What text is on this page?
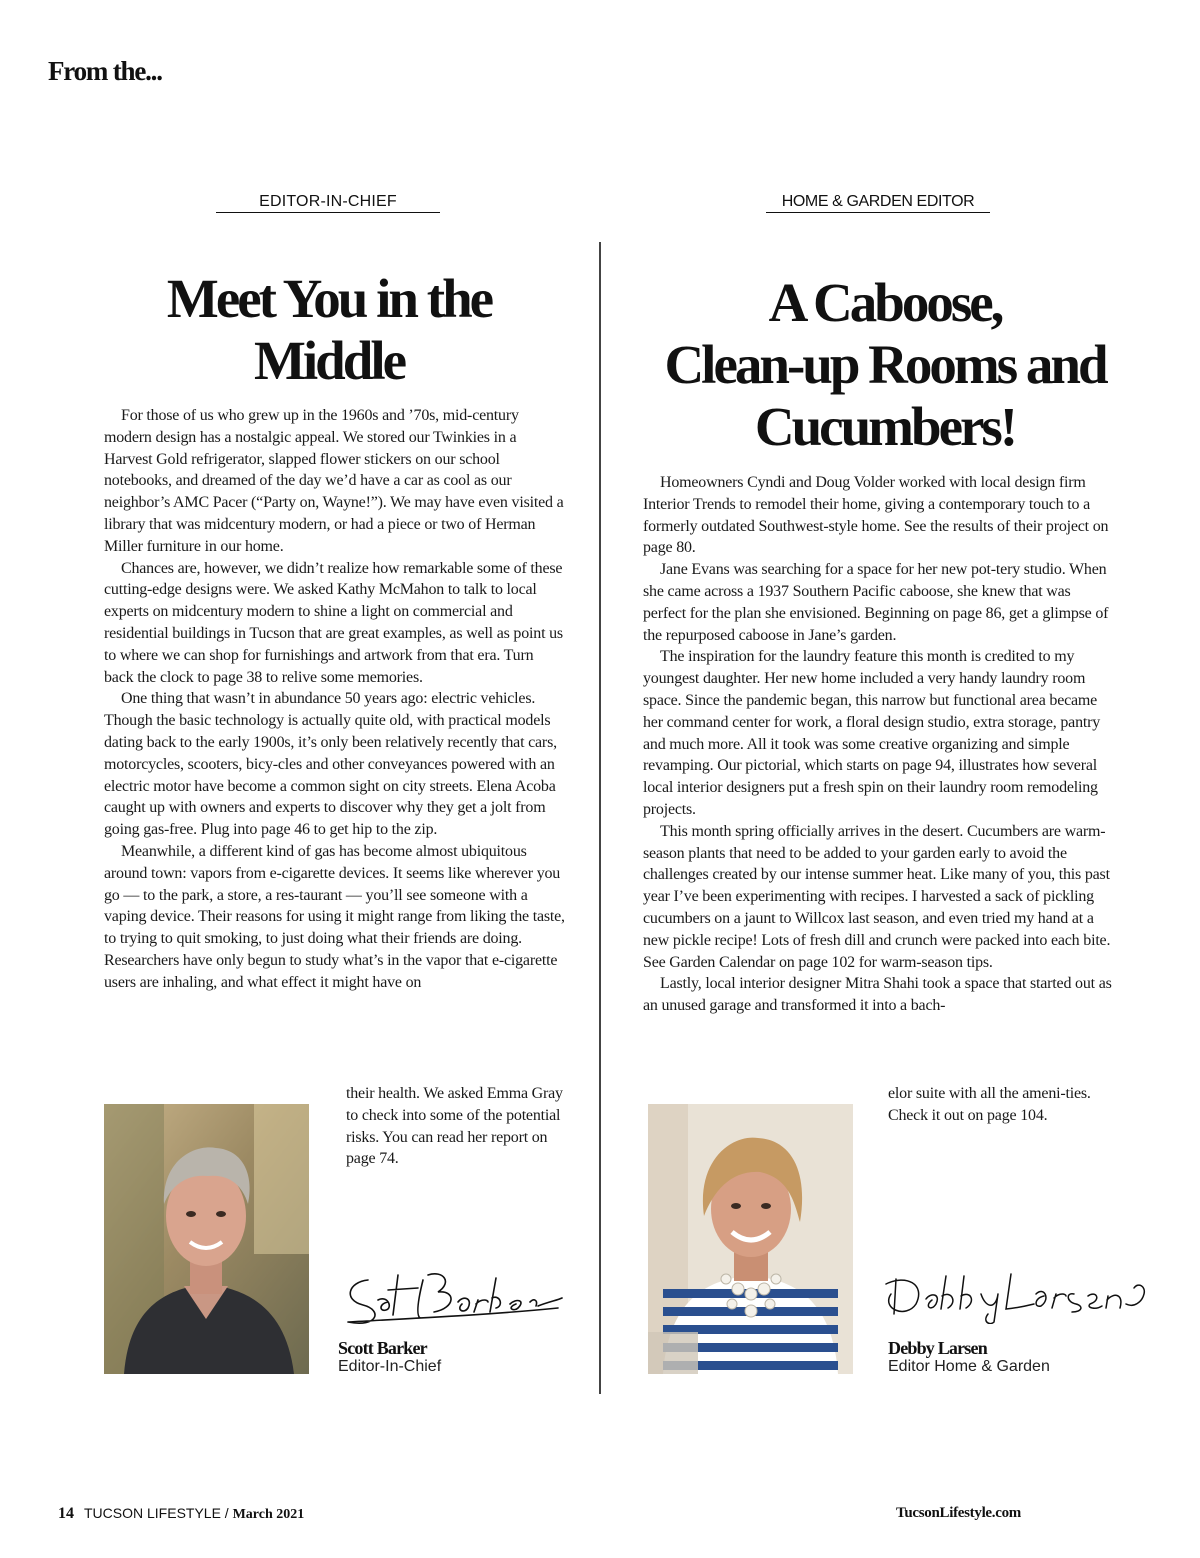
From the...
EDITOR-IN-CHIEF	HOME & GARDEN EDITOR
Meet You in the
Middle
A Caboose,
Clean-up Rooms and
Cucumbers!

For those of us who grew up in the 1960s and ’70s, mid-century modern design has a nostalgic appeal. We stored our Twinkies in a Harvest Gold refrigerator, slapped flower stickers on our school notebooks, and dreamed of the day we’d have a car as cool as our neighbor’s AMC Pacer (“Party on, Wayne!”). We may have even visited a library that was midcentury modern, or had a piece or two of Herman Miller furniture in our home.

Chances are, however, we didn’t realize how remarkable some of these cutting-edge designs were. We asked Kathy McMahon to talk to local experts on midcentury modern to shine a light on commercial and residential buildings in Tucson that are great examples, as well as point us to where we can shop for furnishings and artwork from that era. Turn back the clock to page 38 to relive some memories.

One thing that wasn’t in abundance 50 years ago: electric vehicles. Though the basic technology is actually quite old, with practical models dating back to the early 1900s, it’s only been relatively recently that cars, motorcycles, scooters, bicy-cles and other conveyances powered with an electric motor have become a common sight on city streets. Elena Acoba caught up with owners and experts to discover why they get a jolt from going gas-free. Plug into page 46 to get hip to the zip.

Meanwhile, a different kind of gas has become almost ubiquitous around town: vapors from e-cigarette devices. It seems like wherever you go — to the park, a store, a res-taurant — you’ll see someone with a vaping device. Their reasons for using it might range from liking the taste, to trying to quit smoking, to just doing what their friends are doing. Researchers have only begun to study what’s in the vapor that e-cigarette users are inhaling, and what effect it might have on

their health. We asked Emma Gray to check into some of the potential risks. You can read her report on page 74.

Homeowners Cyndi and Doug Volder worked with local design firm Interior Trends to remodel their home, giving a contemporary touch to a formerly outdated Southwest-style home. See the results of their project on page 80.

Jane Evans was searching for a space for her new pot-tery studio. When she came across a 1937 Southern Pacific caboose, she knew that was perfect for the plan she envisioned. Beginning on page 86, get a glimpse of the repurposed caboose in Jane’s garden.

The inspiration for the laundry feature this month is credited to my youngest daughter. Her new home included a very handy laundry room space. Since the pandemic began, this narrow but functional area became her command center for work, a floral design studio, extra storage, pantry and much more. All it took was some creative organizing and simple revamping. Our pictorial, which starts on page 94, illustrates how several local interior designers put a fresh spin on their laundry room remodeling projects.

This month spring officially arrives in the desert. Cucumbers are warm-season plants that need to be added to your garden early to avoid the challenges created by our intense summer heat. Like many of you, this past year I’ve been experimenting with recipes. I harvested a sack of pickling cucumbers on a jaunt to Willcox last season, and even tried my hand at a new pickle recipe! Lots of fresh dill and crunch were packed into each bite. See Garden Calendar on page 102 for warm-season tips.

Lastly, local interior designer Mitra Shahi took a space that started out as an unused garage and transformed it into a bach-

elor suite with all the ameni-ties. Check it out on page 104.
Scott Barker
Editor-In-Chief
Debby Larsen
Editor Home & Garden
14 TUCSON LIFESTYLE / March 2021	TucsonLifestyle.com
